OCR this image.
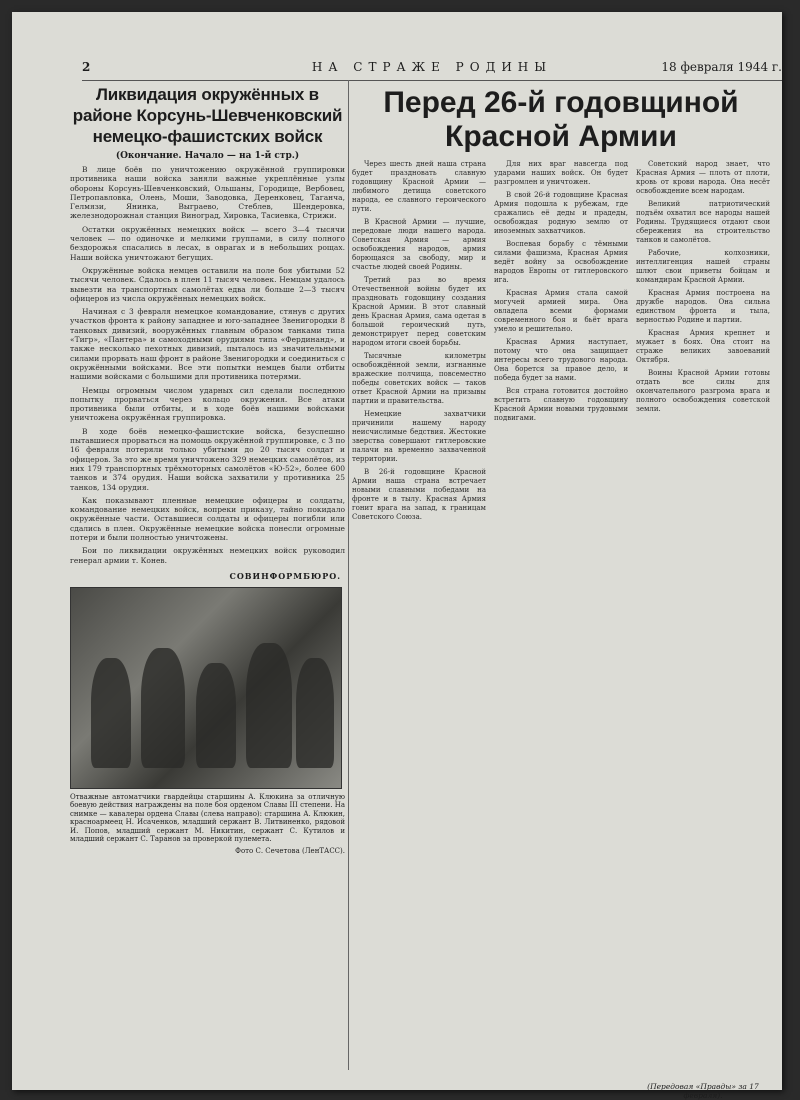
2	НА СТРАЖЕ РОДИНЫ	18 февраля 1944 г.
Ликвидация окружённых в районе Корсунь-Шевченковский немецко-фашистских войск
(Окончание. Начало — на 1-й стр.)

В лице боёв по уничтожению окружённой группировки противника наши войска заняли важные укреплённые узлы обороны Корсунь-Шевченковский, Ольшаны, Городище, Вербовец, Петропавловка, Олень, Моши, Заводовка, Деренковец, Таганча, Гелмязи, Янинка, Выграево, Стеблев, Шендеровка, железнодорожная станция Виноград, Хировка, Тасиевка, Стрижи.

Остатки окружённых немецких войск — всего 3—4 тысячи человек — по одиночке и мелкими группами, в силу полного бездорожья спасались в лесах, в оврагах и в небольших рощах. Наши войска уничтожают бегущих.

Окружённые войска немцев оставили на поле боя убитыми 52 тысячи человек. Сдалось в плен 11 тысяч человек. Немцам удалось вывезти на транспортных самолётах едва ли больше 2—3 тысяч офицеров из числа окружённых немецких войск.

Начиная с 3 февраля немецкое командование, стянув с других участков фронта к району западнее и юго-западнее Звенигородки 8 танковых дивизий, вооружённых главным образом танками типа «Тигр», «Пантера» и самоходными орудиями типа «Фердинанд», и также несколько пехотных дивизий, пыталось из значительными силами прорвать наш фронт в районе Звенигородки и соединиться с окружёнными войсками. Все эти попытки немцев были отбиты нашими войсками с большими для противника потерями.

Немцы огромным числом ударных сил сделали последнюю попытку прорваться через кольцо окружения. Все атаки противника были отбиты, и в ходе боёв нашими войсками уничтожена окружённая группировка.

В ходе боёв немецко-фашистские войска, безуспешно пытавшиеся прорваться на помощь окружённой группировке, с 3 по 16 февраля потеряли только убитыми до 20 тысяч солдат и офицеров. За это же время уничтожено 329 немецких самолётов, из них 179 транспортных трёхмоторных самолётов «Ю-52», более 600 танков и 374 орудия. Наши войска захватили у противника 25 танков, 134 орудия.

Как показывают пленные немецкие офицеры и солдаты, командование немецких войск, вопреки приказу, тайно покидало окружённые части. Оставшиеся солдаты и офицеры погибли или сдались в плен. Окружённые немецкие войска понесли огромные потери и были полностью уничтожены.

Бои по ликвидации окружённых немецких войск руководил генерал армии т. Конев.

СОВИНФОРМБЮРО.
Отважные автоматчики гвардейцы старшины А. Клюкина за отличную боевую действия награждены на поле боя орденом Славы III степени. На снимке — кавалеры ордена Славы (слева направо): старшина А. Клюкин, красноармеец Н. Исаченков, младший сержант В. Литвиненко, рядовой И. Попов, младший сержант М. Никитин, сержант С. Кутилов и младший сержант С. Таранов за проверкой пулемета.
Фото С. Сечетова (ЛенТАСС).
Перед 26-й годовщиной Красной Армии

Через шесть дней наша страна будет праздновать славную годовщину Красной Армии — любимого детища советского народа, ее славного героического пути.

В Красной Армии — лучшие, передовые люди нашего народа. Советская Армия — армия освобождения народов, армия борющаяся за свободу, мир и счастье людей своей Родины.

Третий раз во время Отечественной войны будет их праздновать годовщину создания Красной Армии. В этот славный день Красная Армия, сама одетая в большой героический путь, демонстрирует перед советским народом итоги своей борьбы.

Тысячные километры освобождённой земли, изгнанные вражеские полчища, повсеместно победы советских войск — таков ответ Красной Армии на призывы партии и правительства.

Немецкие захватчики причинили нашему народу неисчислимые бедствия. Жестокие зверства совершают гитлеровские палачи на временно захваченной территории.

В 26-й годовщине Красной Армии наша страна встречает новыми славными победами на фронте и в тылу. Красная Армия гонит врага на запад, к границам Советского Союза.

Для них враг навсегда под ударами наших войск. Он будет разгромлен и уничтожен.

В свой 26-й годовщине Красная Армия подошла к рубежам, где сражались её деды и прадеды, освобождая родную землю от иноземных захватчиков.

Воспевая борьбу с тёмными силами фашизма, Красная Армия ведёт войну за освобождение народов Европы от гитлеровского ига.

Красная Армия стала самой могучей армией мира. Она овладела всеми формами современного боя и бьёт врага умело и решительно.

Красная Армия наступает, потому что она защищает интересы всего трудового народа. Она борется за правое дело, и победа будет за нами.

Вся страна готовится достойно встретить славную годовщину Красной Армии новыми трудовыми подвигами.

Советский народ знает, что Красная Армия — плоть от плоти, кровь от крови народа. Она несёт освобождение всем народам.

Великий патриотический подъём охватил все народы нашей Родины. Трудящиеся отдают свои сбережения на строительство танков и самолётов.

Рабочие, колхозники, интеллигенция нашей страны шлют свои приветы бойцам и командирам Красной Армии.

Красная Армия построена на дружбе народов. Она сильна единством фронта и тыла, верностью Родине и партии.

Красная Армия крепнет и мужает в боях. Она стоит на страже великих завоеваний Октября.

Воины Красной Армии готовы отдать все силы для окончательного разгрома врага и полного освобождения советской земли.

(Передовая «Правды» за 17 февраля).
